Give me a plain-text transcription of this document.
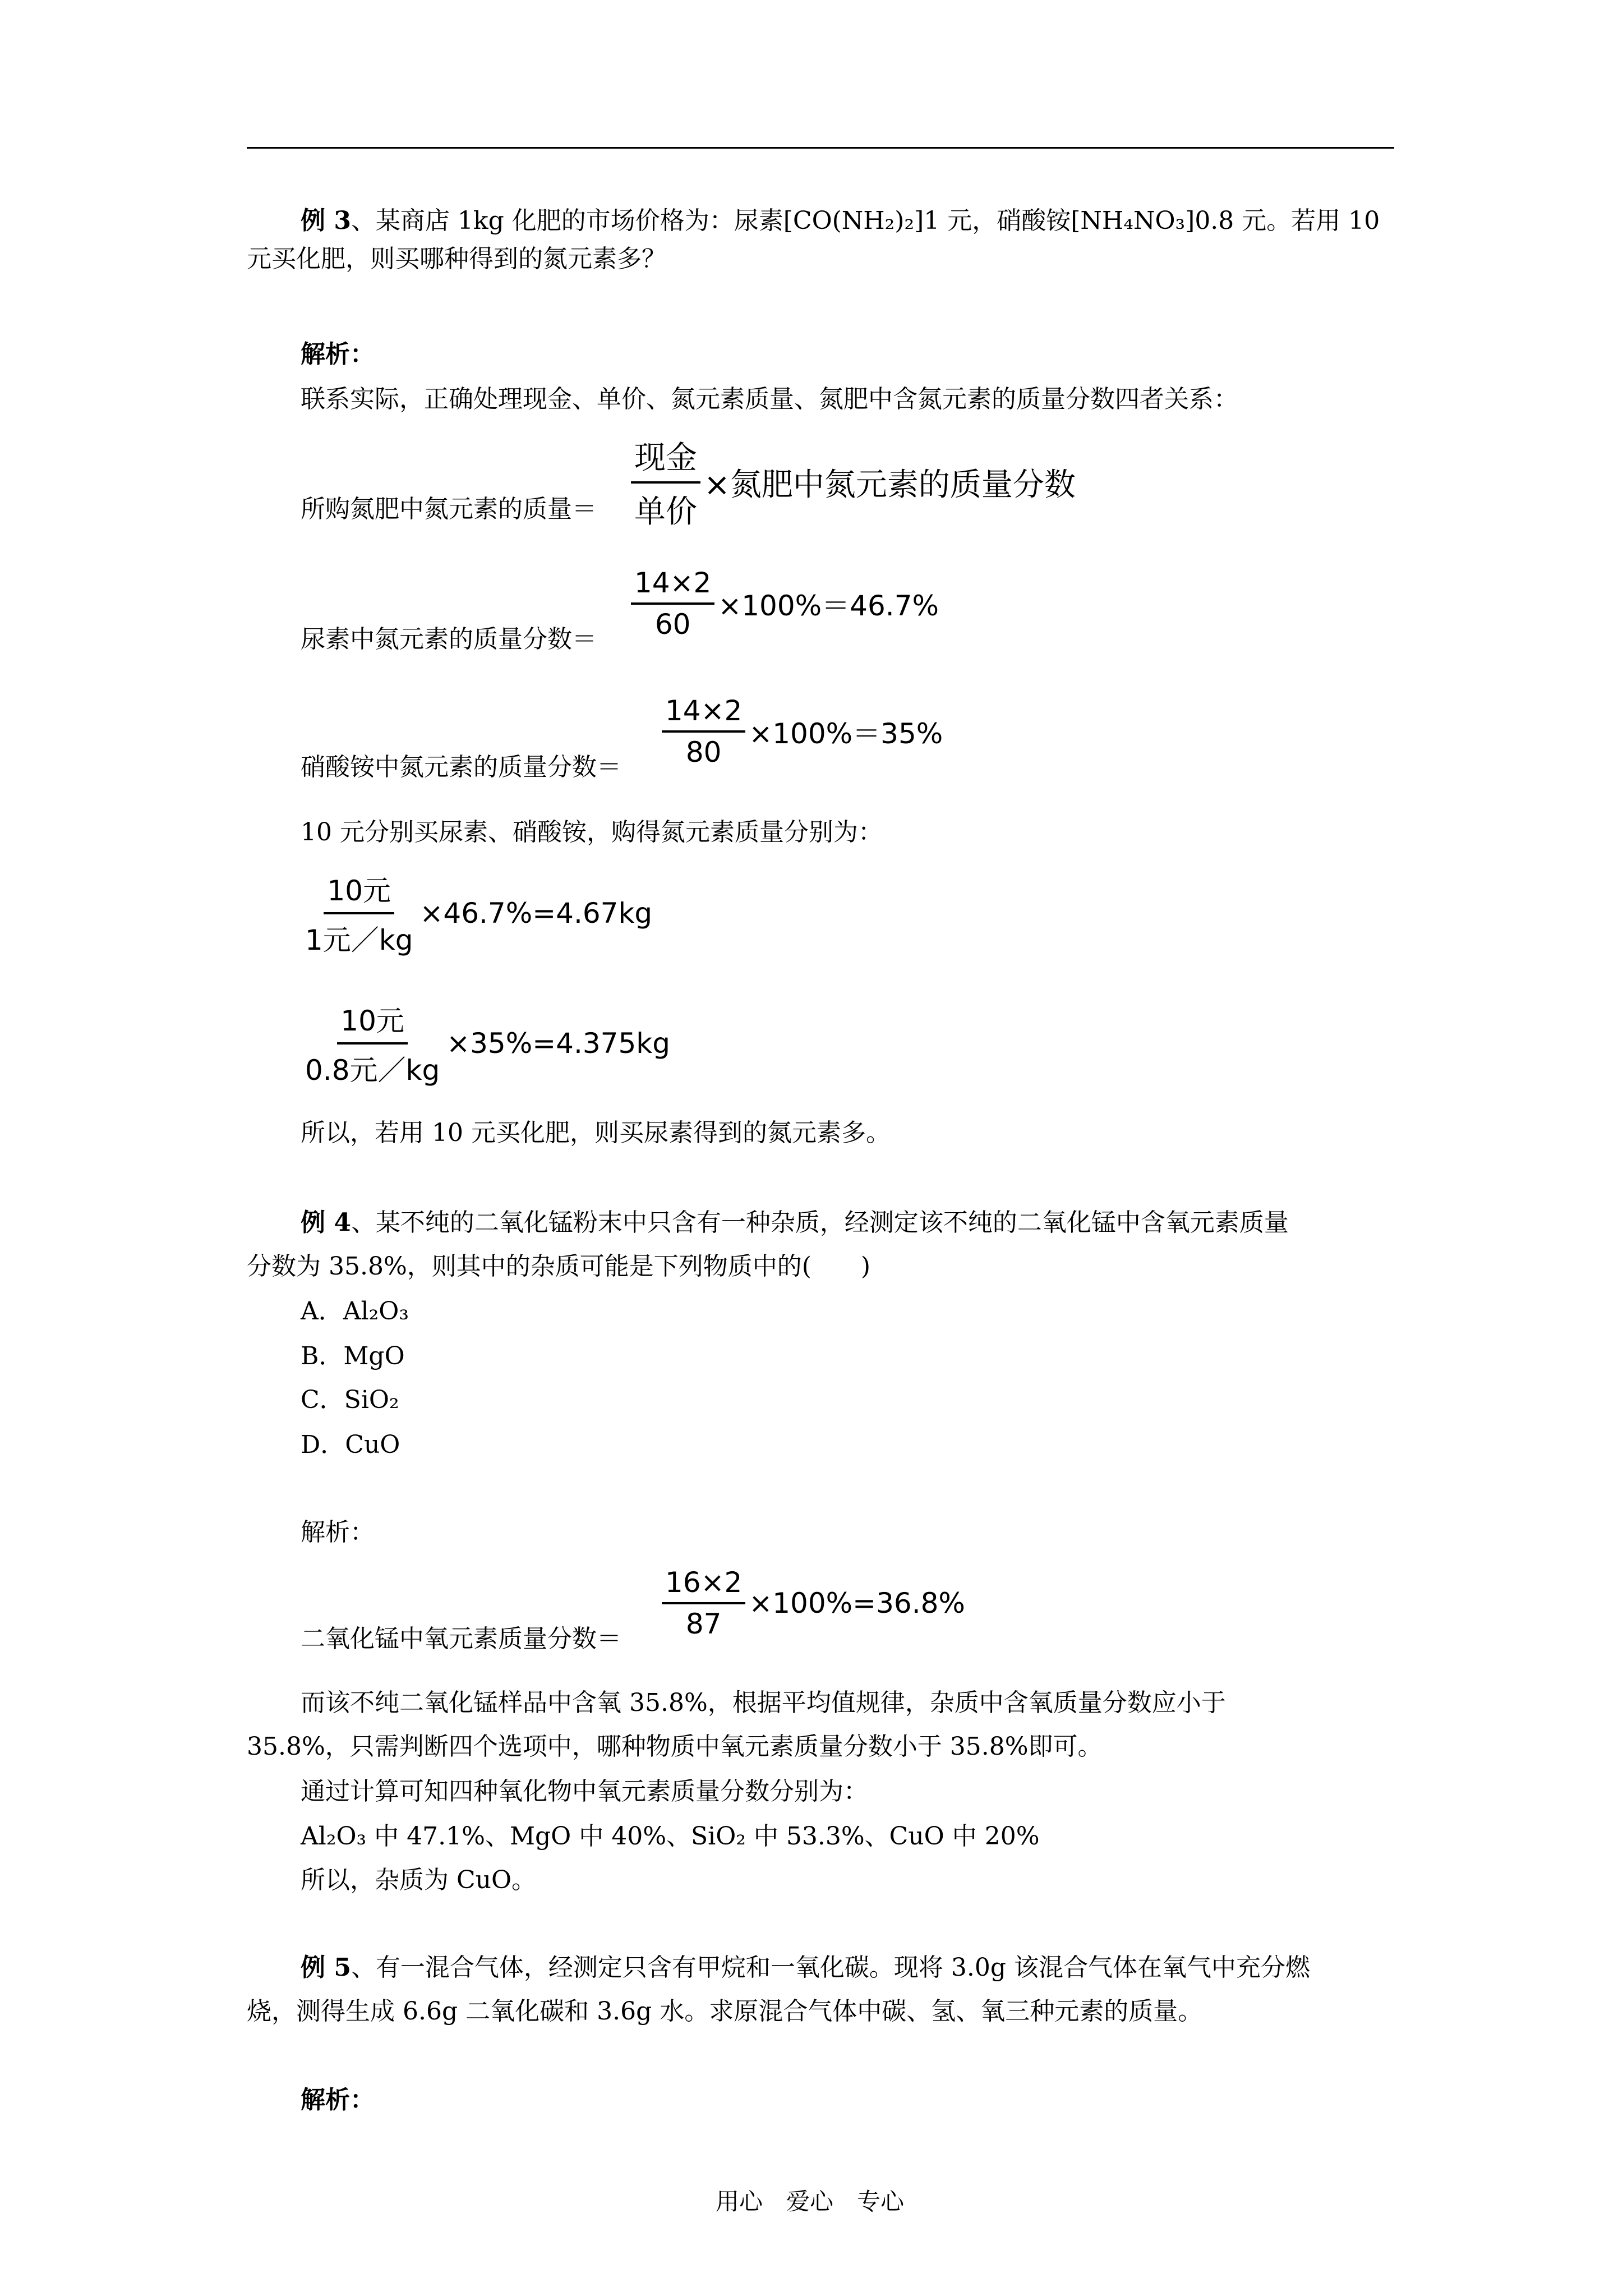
例 3、某商店 1kg 化肥的市场价格为：尿素[CO(NH₂)₂]1 元，硝酸铵[NH₄NO₃]0.8 元。若用 10
元买化肥，则买哪种得到的氮元素多？
解析：
联系实际，正确处理现金、单价、氮元素质量、氮肥中含氮元素的质量分数四者关系：
所购氮肥中氮元素的质量＝ $\frac{\text{现金}}{\text{单价}}$ ×氮肥中氮元素的质量分数
尿素中氮元素的质量分数＝ $\frac{14\times 2}{60} \times 100\%=46.7\%$
硝酸铵中氮元素的质量分数＝ $\frac{14\times 2}{80} \times 100\%=35\%$
10 元分别买尿素、硝酸铵，购得氮元素质量分别为：
$\frac{\text{10元}}{\text{1元／kg}} \times 46.7\%=4.67kg$
$\frac{\text{10元}}{\text{0.8元／kg}} \times 35\%=4.375kg$
所以，若用 10 元买化肥，则买尿素得到的氮元素多。
例 4、某不纯的二氧化锰粉末中只含有一种杂质，经测定该不纯的二氧化锰中含氧元素质量
分数为 35.8%，则其中的杂质可能是下列物质中的(　　)
A．Al₂O₃
B．MgO
C．SiO₂
D．CuO
解析：
二氧化锰中氧元素质量分数＝ $\frac{16\times 2}{87} \times 100\%=36.8\%$
而该不纯二氧化锰样品中含氧 35.8%，根据平均值规律，杂质中含氧质量分数应小于
35.8%，只需判断四个选项中，哪种物质中氧元素质量分数小于 35.8%即可。
通过计算可知四种氧化物中氧元素质量分数分别为：
Al₂O₃ 中 47.1%、MgO 中 40%、SiO₂ 中 53.3%、CuO 中 20%
所以，杂质为 CuO。
例 5、有一混合气体，经测定只含有甲烷和一氧化碳。现将 3.0g 该混合气体在氧气中充分燃
烧，测得生成 6.6g 二氧化碳和 3.6g 水。求原混合气体中碳、氢、氧三种元素的质量。
解析：
用心　爱心　专心
